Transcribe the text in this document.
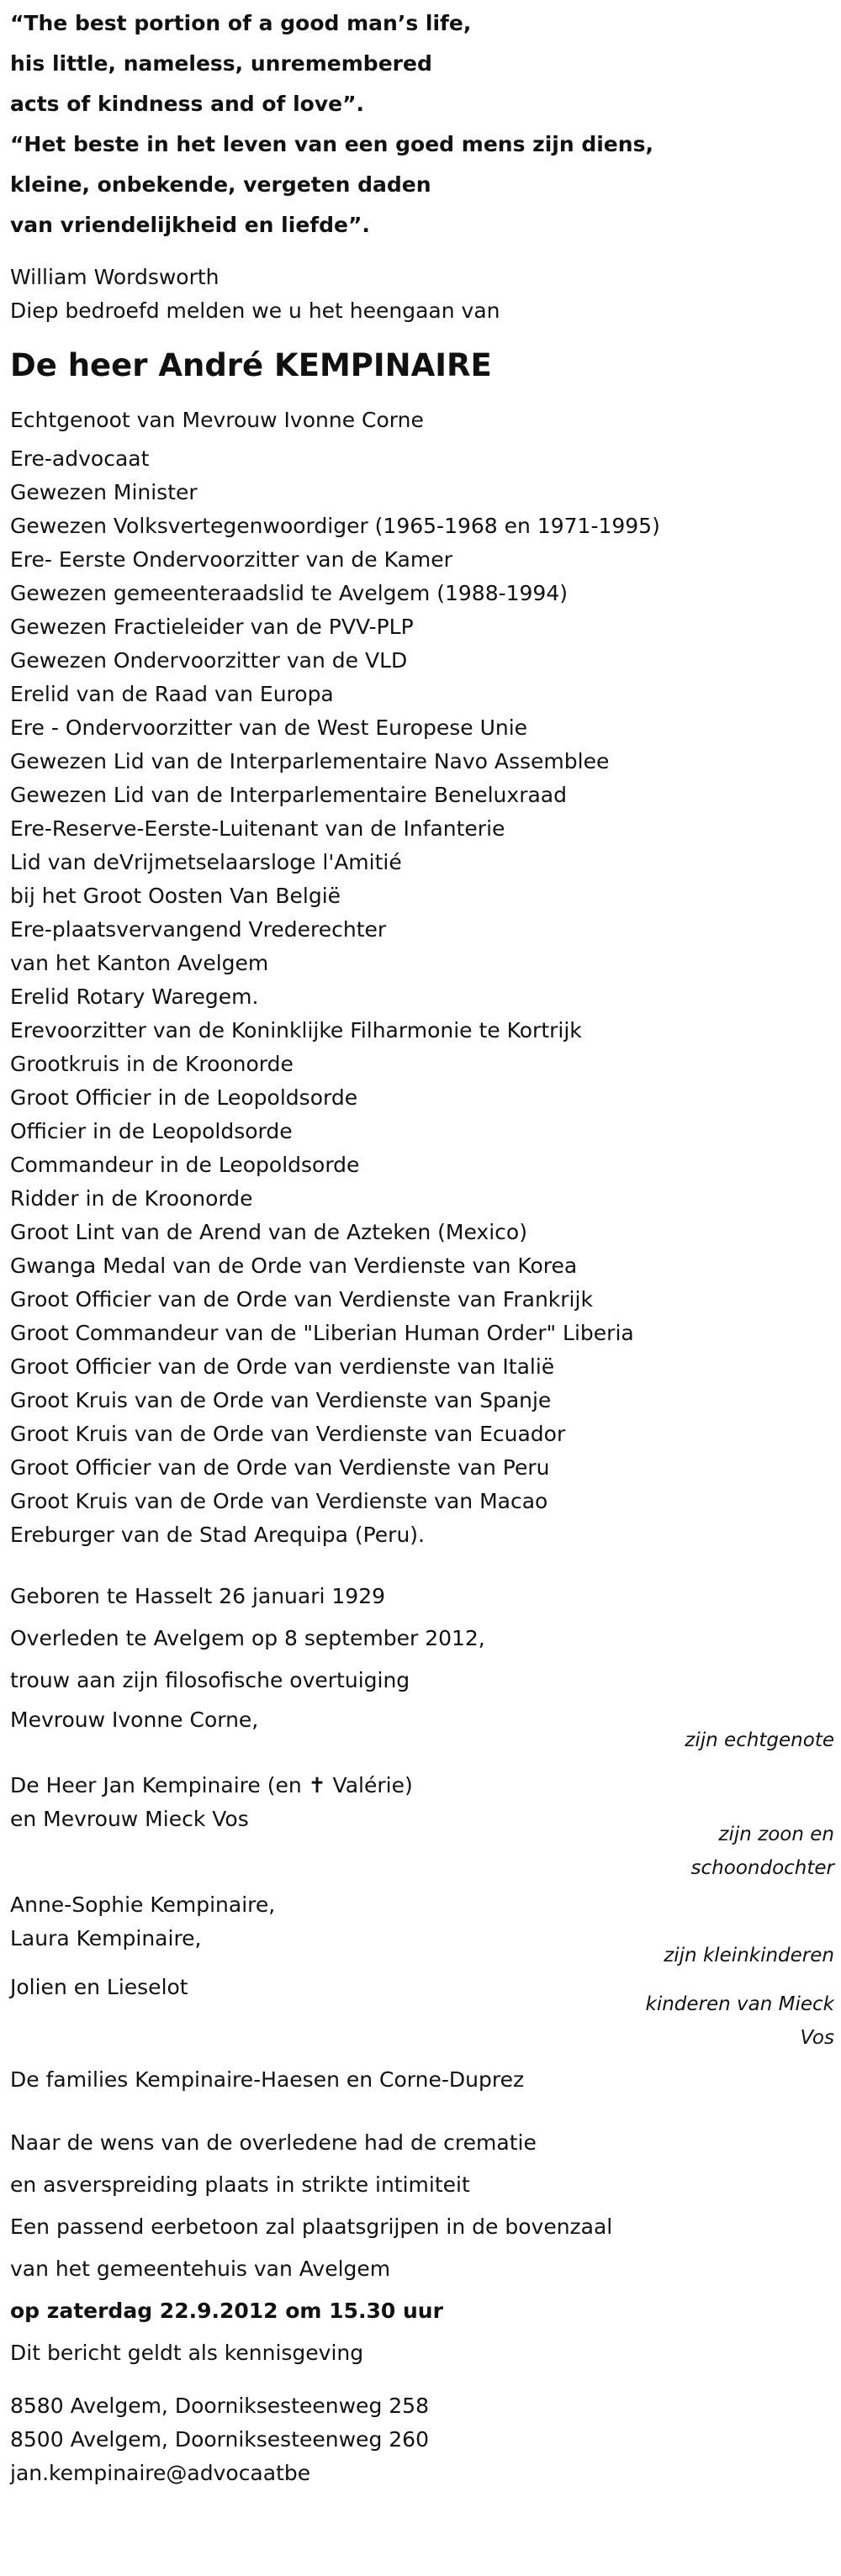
“The best portion of a good man’s life,
his little, nameless, unremembered
acts of kindness and of love”.
“Het beste in het leven van een goed mens zijn diens,
kleine, onbekende, vergeten daden
van vriendelijkheid en liefde”.
William Wordsworth
Diep bedroefd melden we u het heengaan van
De heer André KEMPINAIRE
Echtgenoot van Mevrouw Ivonne Corne
Ere-advocaat
Gewezen Minister
Gewezen Volksvertegenwoordiger (1965-1968 en 1971-1995)
Ere- Eerste Ondervoorzitter van de Kamer
Gewezen gemeenteraadslid te Avelgem (1988-1994)
Gewezen Fractieleider van de PVV-PLP
Gewezen Ondervoorzitter van de VLD
Erelid van de Raad van Europa
Ere - Ondervoorzitter van de West Europese Unie
Gewezen Lid van de Interparlementaire Navo Assemblee
Gewezen Lid van de Interparlementaire Beneluxraad
Ere-Reserve-Eerste-Luitenant van de Infanterie
Lid van deVrijmetselaarsloge l'Amitié
bij het Groot Oosten Van België
Ere-plaatsvervangend Vrederechter
van het Kanton Avelgem
Erelid Rotary Waregem.
Erevoorzitter van de Koninklijke Filharmonie te Kortrijk
Grootkruis in de Kroonorde
Groot Officier in de Leopoldsorde
Officier in de Leopoldsorde
Commandeur in de Leopoldsorde
Ridder in de Kroonorde
Groot Lint van de Arend van de Azteken (Mexico)
Gwanga Medal van de Orde van Verdienste van Korea
Groot Officier van de Orde van Verdienste van Frankrijk
Groot Commandeur van de "Liberian Human Order" Liberia
Groot Officier van de Orde van verdienste van Italië
Groot Kruis van de Orde van Verdienste van Spanje
Groot Kruis van de Orde van Verdienste van Ecuador
Groot Officier van de Orde van Verdienste van Peru
Groot Kruis van de Orde van Verdienste van Macao
Ereburger van de Stad Arequipa (Peru).
Geboren te Hasselt 26 januari 1929
Overleden te Avelgem op 8 september 2012,
trouw aan zijn filosofische overtuiging
Mevrouw Ivonne Corne,
zijn echtgenote
De Heer Jan Kempinaire (en ✝ Valérie)
en Mevrouw Mieck Vos
zijn zoon en
schoondochter
Anne-Sophie Kempinaire,
Laura Kempinaire,
zijn kleinkinderen
Jolien en Lieselot
kinderen van Mieck
Vos
De families Kempinaire-Haesen en Corne-Duprez
Naar de wens van de overledene had de crematie
en asverspreiding plaats in strikte intimiteit
Een passend eerbetoon zal plaatsgrijpen in de bovenzaal
van het gemeentehuis van Avelgem
op zaterdag 22.9.2012 om 15.30 uur
Dit bericht geldt als kennisgeving
8580 Avelgem, Doorniksesteenweg 258
8500 Avelgem, Doorniksesteenweg 260
jan.kempinaire@advocaatbe
